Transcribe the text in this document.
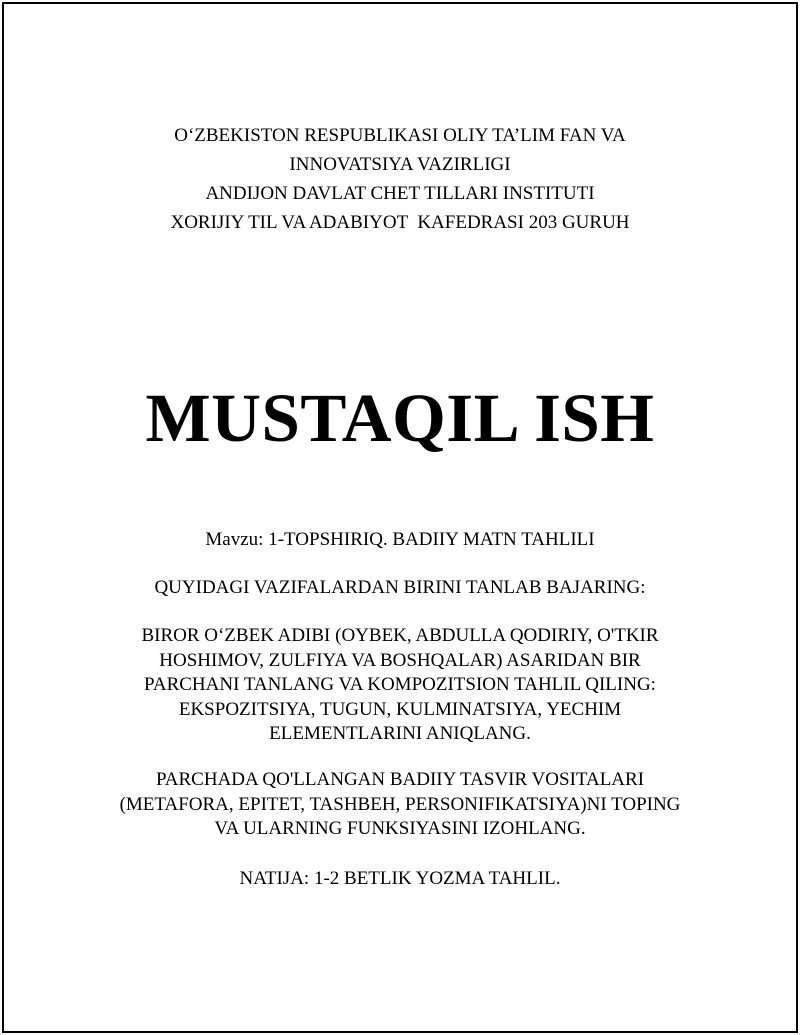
O‘ZBEKISTON RESPUBLIKASI OLIY TA’LIM FAN VA
INNOVATSIYA VAZIRLIGI
ANDIJON DAVLAT CHET TILLARI INSTITUTI
XORIJIY TIL VA ADABIYOT  KAFEDRASI 203 GURUH
MUSTAQIL ISH
Mavzu: 1-TOPSHIRIQ. BADIIY MATN TAHLILI
QUYIDAGI VAZIFALARDAN BIRINI TANLAB BAJARING:
BIROR O‘ZBEK ADIBI (OYBEK, ABDULLA QODIRIY, O'TKIR
HOSHIMOV, ZULFIYA VA BOSHQALAR) ASARIDAN BIR
PARCHANI TANLANG VA KOMPOZITSION TAHLIL QILING:
EKSPOZITSIYA, TUGUN, KULMINATSIYA, YECHIM
ELEMENTLARINI ANIQLANG.
PARCHADA QO'LLANGAN BADIIY TASVIR VOSITALARI
(METAFORA, EPITET, TASHBEH, PERSONIFIKATSIYA)NI TOPING
VA ULARNING FUNKSIYASINI IZOHLANG.
NATIJA: 1-2 BETLIK YOZMA TAHLIL.
